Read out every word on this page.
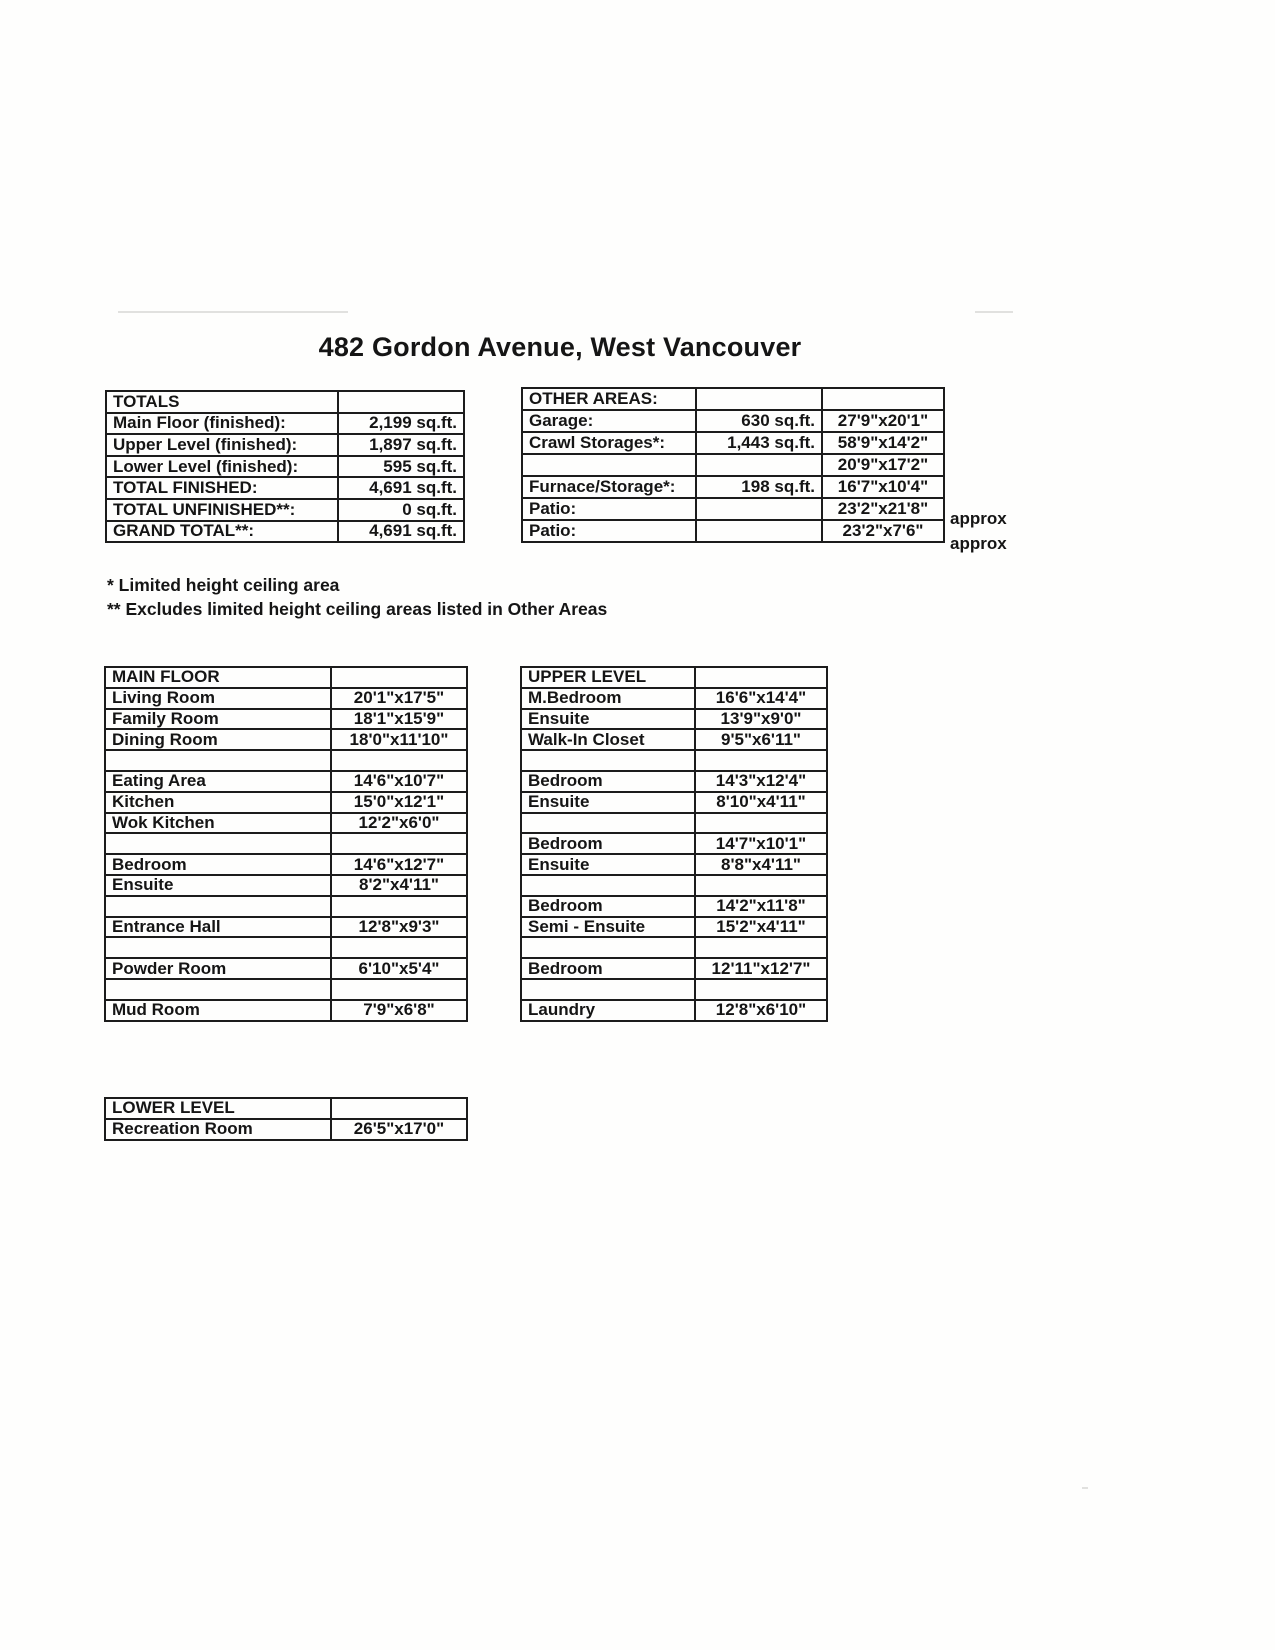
482 Gordon Avenue, West Vancouver
TOTALS	
Main Floor (finished):	2,199 sq.ft.
Upper Level (finished):	1,897 sq.ft.
Lower Level (finished):	595 sq.ft.
TOTAL FINISHED:	4,691 sq.ft.
TOTAL UNFINISHED**:	0 sq.ft.
GRAND TOTAL**:	4,691 sq.ft.
OTHER AREAS:		
Garage:	630 sq.ft.	27'9"x20'1"
Crawl Storages*:	1,443 sq.ft.	58'9"x14'2"
		20'9"x17'2"
Furnace/Storage*:	198 sq.ft.	16'7"x10'4"
Patio:		23'2"x21'8"
Patio:		23'2"x7'6"
approx
approx
* Limited height ceiling area
** Excludes limited height ceiling areas listed in Other Areas
MAIN FLOOR	
Living Room	20'1"x17'5"
Family Room	18'1"x15'9"
Dining Room	18'0"x11'10"

Eating Area	14'6"x10'7"
Kitchen	15'0"x12'1"
Wok Kitchen	12'2"x6'0"

Bedroom	14'6"x12'7"
Ensuite	8'2"x4'11"

Entrance Hall	12'8"x9'3"

Powder Room	6'10"x5'4"

Mud Room	7'9"x6'8"
UPPER LEVEL	
M.Bedroom	16'6"x14'4"
Ensuite	13'9"x9'0"
Walk-In Closet	9'5"x6'11"

Bedroom	14'3"x12'4"
Ensuite	8'10"x4'11"

Bedroom	14'7"x10'1"
Ensuite	8'8"x4'11"

Bedroom	14'2"x11'8"
Semi - Ensuite	15'2"x4'11"

Bedroom	12'11"x12'7"

Laundry	12'8"x6'10"
LOWER LEVEL	
Recreation Room	26'5"x17'0"
